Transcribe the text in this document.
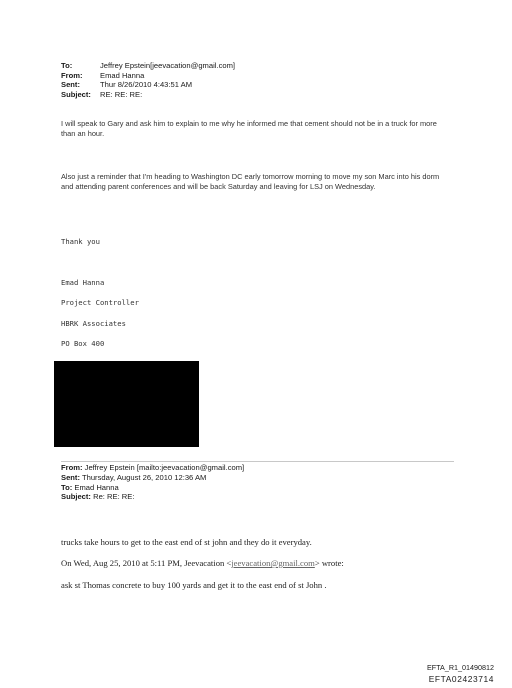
To:	Jeffrey Epstein[jeevacation@gmail.com]
From:	Emad Hanna
Sent:	Thur 8/26/2010 4:43:51 AM
Subject:	RE: RE: RE:
I will speak to Gary and ask him to explain to me why he informed me that cement should not be in a truck for more than an hour.
Also just a reminder that I'm heading to Washington DC early tomorrow morning to move my son Marc into his dorm and attending parent conferences and will be back Saturday and leaving for LSJ on Wednesday.
Thank you
Emad Hanna
Project Controller
HBRK Associates
PO Box 400
From: Jeffrey Epstein [mailto:jeevacation@gmail.com]
Sent: Thursday, August 26, 2010 12:36 AM
To: Emad Hanna
Subject: Re: RE: RE:
trucks take hours to get to the east end of st john and they do it everyday.
On Wed, Aug 25, 2010 at 5:11 PM, Jeevacation <jeevacation@gmail.com> wrote:
ask st Thomas concrete to buy 100 yards and get it to the east end of st John .
EFTA_R1_01490812
EFTA02423714
